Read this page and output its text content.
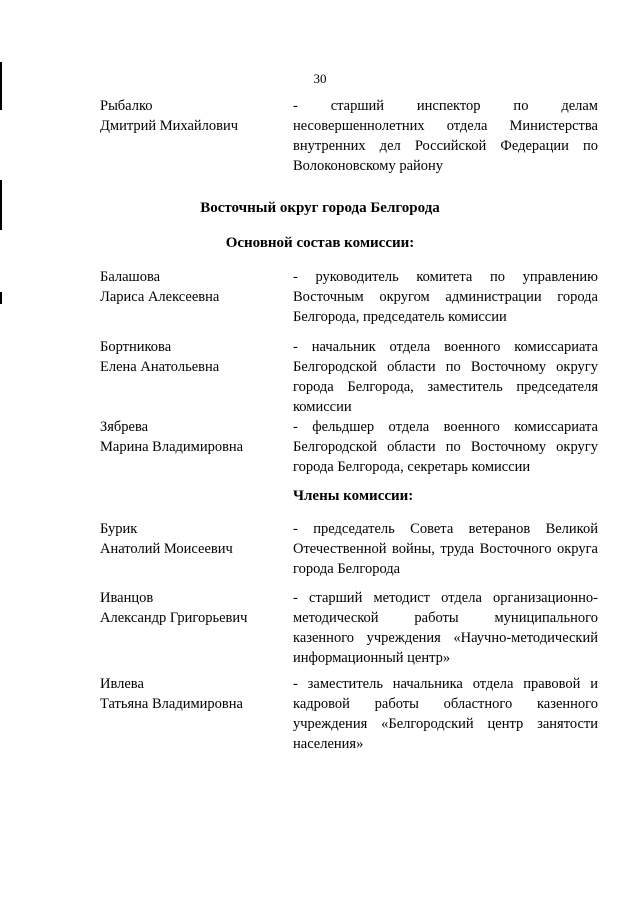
30
Рыбалко
Дмитрий Михайлович
- старший инспектор по делам несовершеннолетних отдела Министерства внутренних дел Российской Федерации по Волоконовскому району
Восточный округ города Белгорода
Основной состав комиссии:
Балашова
Лариса Алексеевна
- руководитель комитета по управлению Восточным округом администрации города Белгорода, председатель комиссии
Бортникова
Елена Анатольевна
- начальник отдела военного комиссариата Белгородской области по Восточному округу города Белгорода, заместитель председателя комиссии
Зябрева
Марина Владимировна
- фельдшер отдела военного комиссариата Белгородской области по Восточному округу города Белгорода, секретарь комиссии
Члены комиссии:
Бурик
Анатолий Моисеевич
- председатель Совета ветеранов Великой Отечественной войны, труда Восточного округа города Белгорода
Иванцов
Александр Григорьевич
- старший методист отдела организационно-методической работы муниципального казенного учреждения «Научно-методический информационный центр»
Ивлева
Татьяна Владимировна
- заместитель начальника отдела правовой и кадровой работы областного казенного учреждения «Белгородский центр занятости населения»
